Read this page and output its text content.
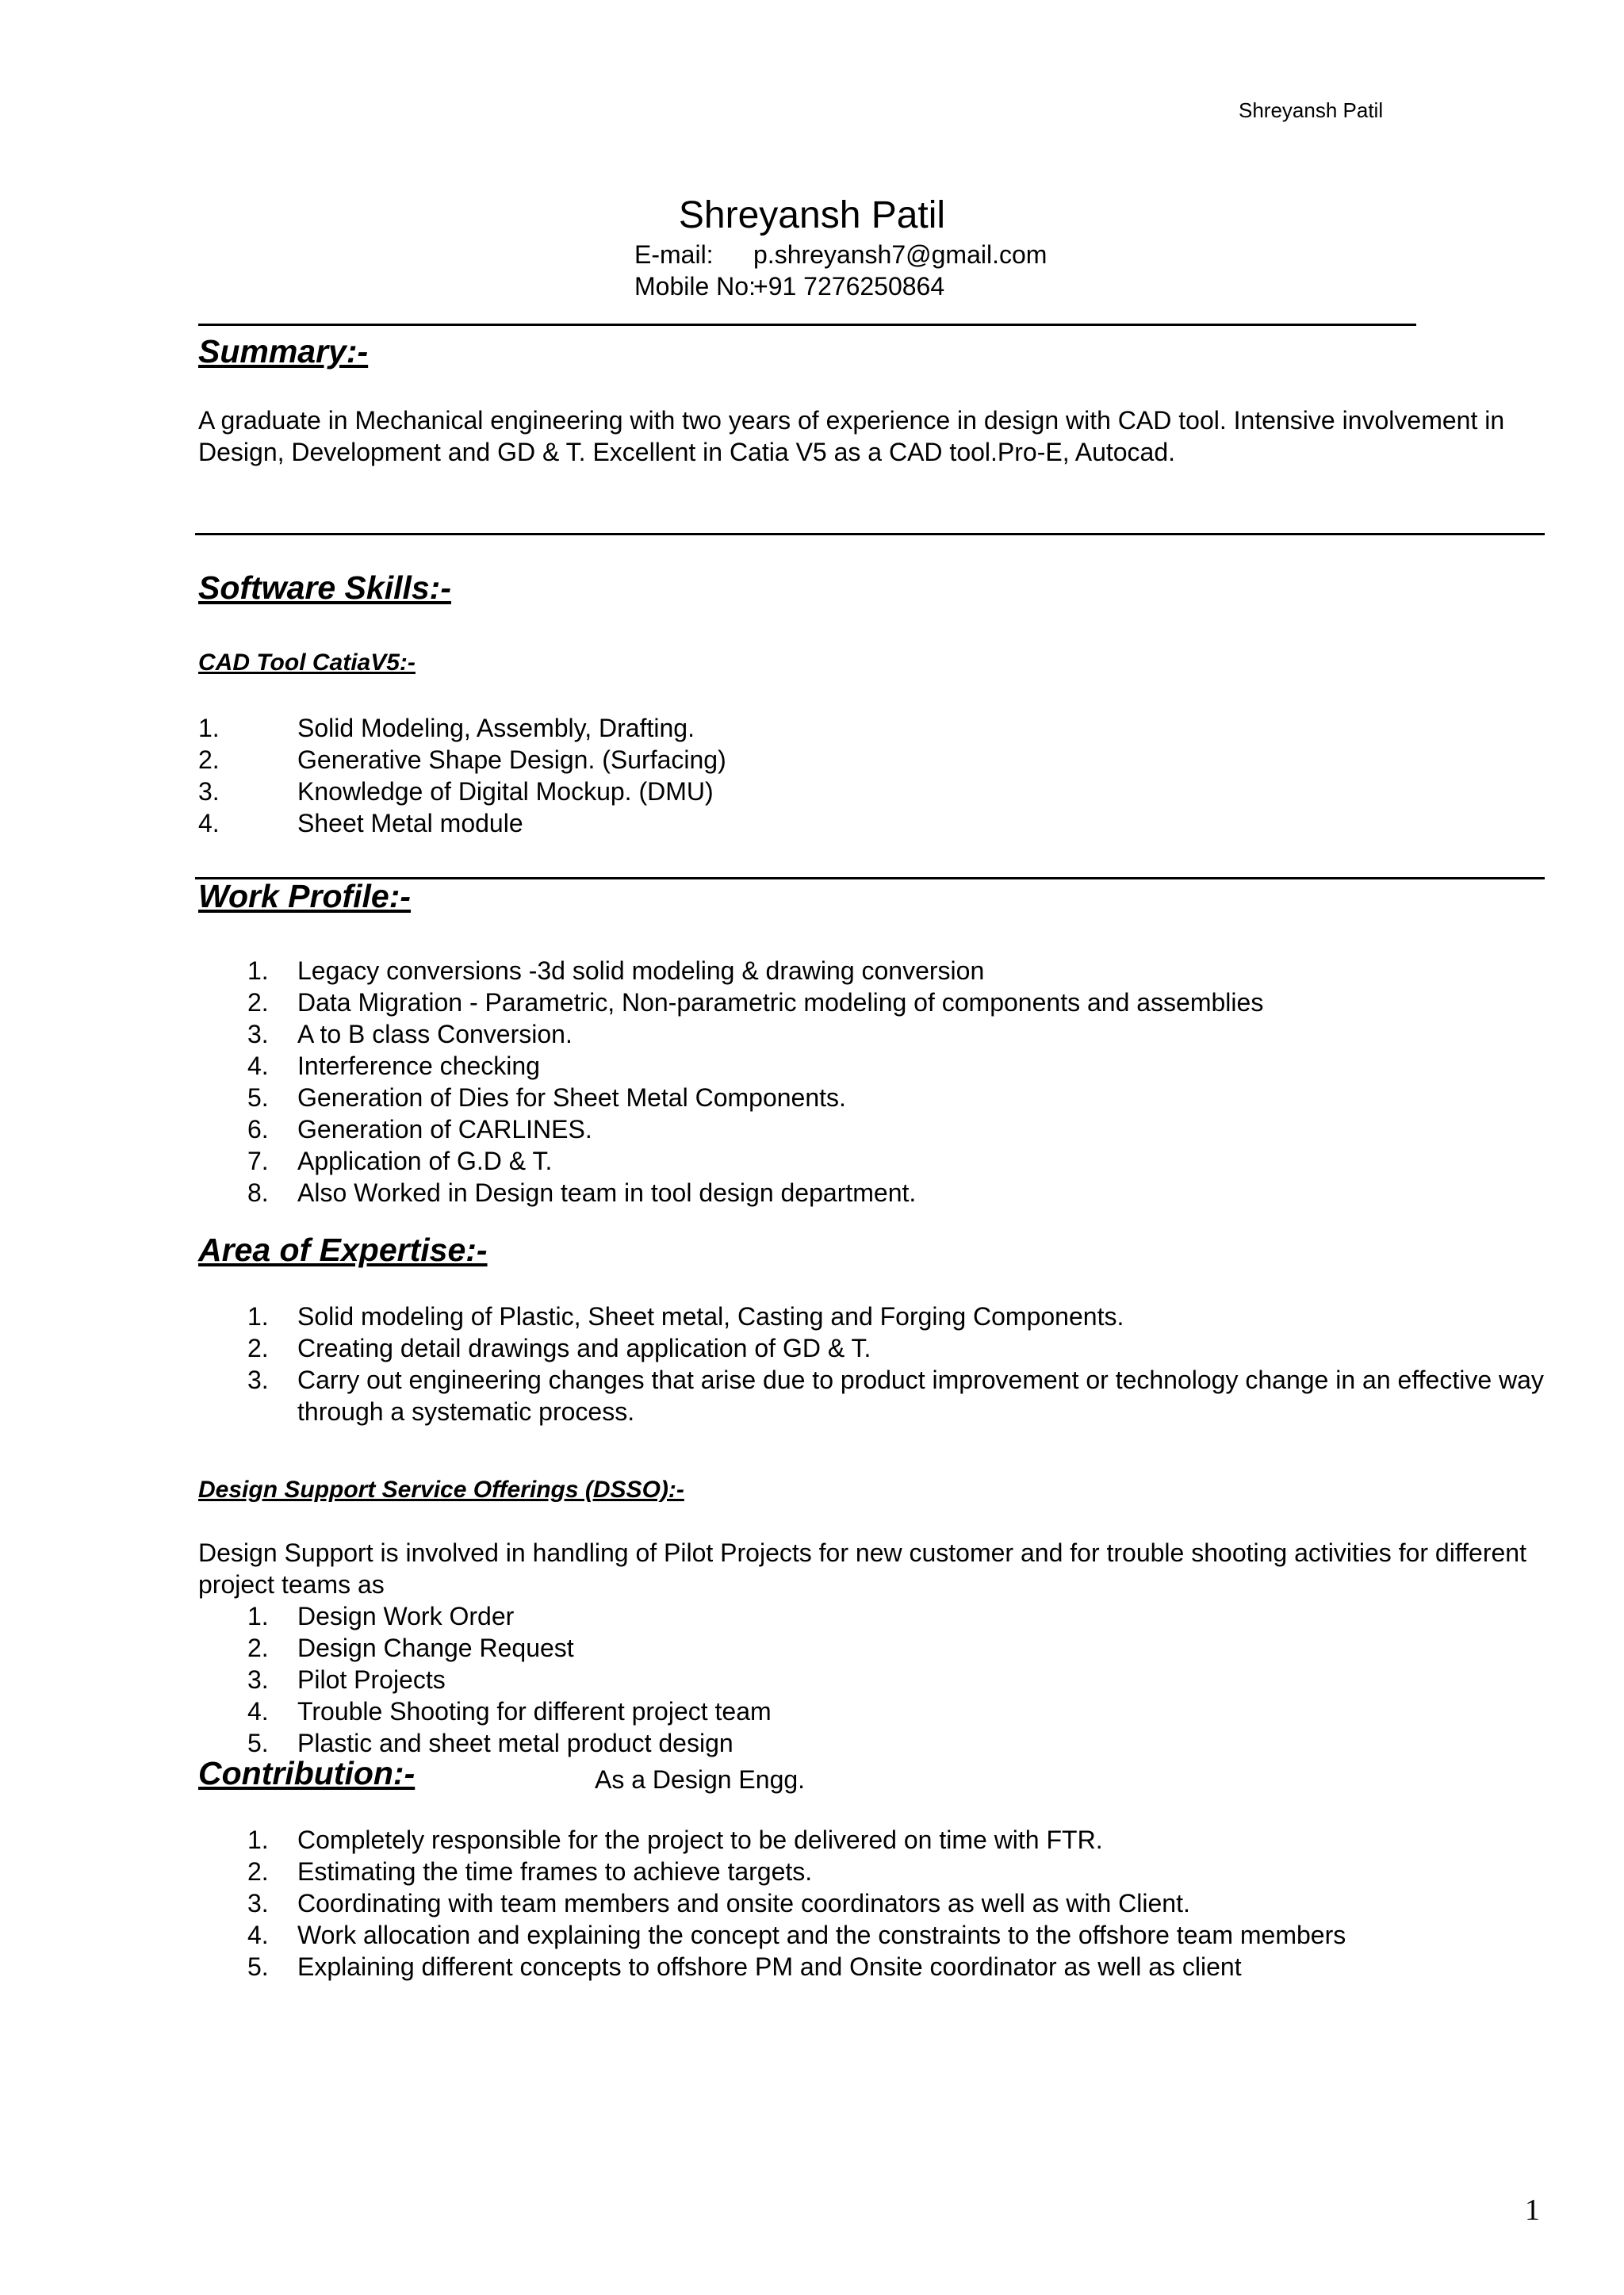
Shreyansh Patil
Shreyansh Patil
E-mail: p.shreyansh7@gmail.com
Mobile No:+91 7276250864
Summary:-
A graduate in Mechanical engineering with two years of experience in design with CAD tool. Intensive involvement in Design, Development and GD & T. Excellent in Catia V5 as a CAD tool.Pro-E, Autocad.
Software Skills:-
CAD Tool CatiaV5:-
1.	Solid Modeling, Assembly, Drafting.
2.	Generative Shape Design. (Surfacing)
3.	Knowledge of Digital Mockup. (DMU)
4.	Sheet Metal module
Work Profile:-
1. Legacy conversions -3d solid modeling & drawing conversion
2. Data Migration - Parametric, Non-parametric modeling of components and assemblies
3. A to B class Conversion.
4. Interference checking
5. Generation of Dies for Sheet Metal Components.
6. Generation of CARLINES.
7. Application of G.D & T.
8. Also Worked in Design team in tool design department.
Area of Expertise:-
1. Solid modeling of Plastic, Sheet metal, Casting and Forging Components.
2. Creating detail drawings and application of GD & T.
3. Carry out engineering changes that arise due to product improvement or technology change in an effective way through a systematic process.
Design Support Service Offerings (DSSO):-
Design Support is involved in handling of Pilot Projects for new customer and for trouble shooting activities for different project teams as
1. Design Work Order
2. Design Change Request
3. Pilot Projects
4. Trouble Shooting for different project team
5. Plastic and sheet metal product design
Contribution:-	As a Design Engg.
1. Completely responsible for the project to be delivered on time with FTR.
2. Estimating the time frames to achieve targets.
3. Coordinating with team members and onsite coordinators as well as with Client.
4. Work allocation and explaining the concept and the constraints to the offshore team members
5. Explaining different concepts to offshore PM and Onsite coordinator as well as client
1
